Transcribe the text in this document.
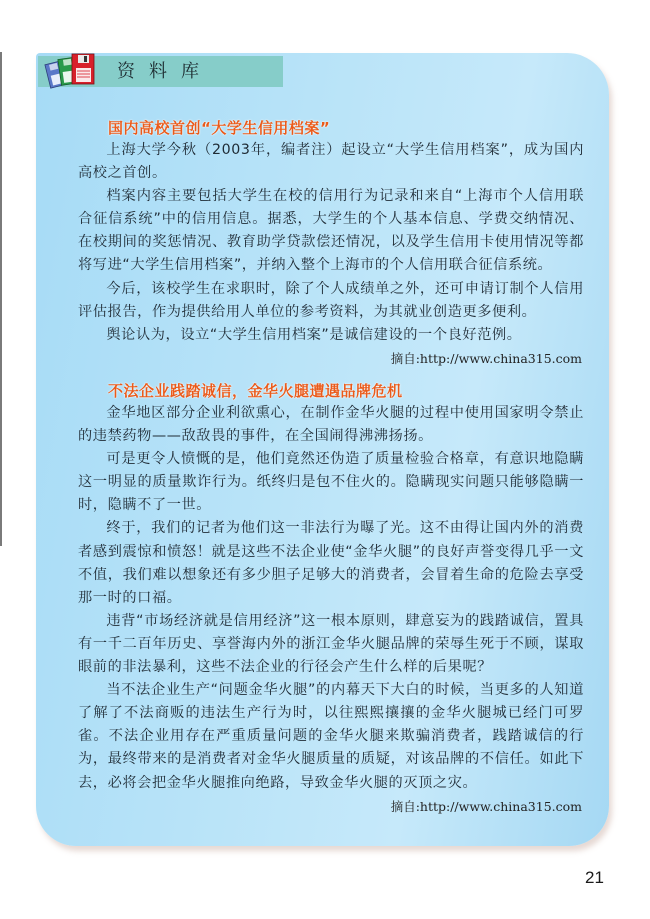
资料库
国内高校首创“大学生信用档案”

上海大学今秋（2003年，编者注）起设立“大学生信用档案”，成为国内高校之首创。

档案内容主要包括大学生在校的信用行为记录和来自“上海市个人信用联合征信系统”中的信用信息。据悉，大学生的个人基本信息、学费交纳情况、在校期间的奖惩情况、教育助学贷款偿还情况，以及学生信用卡使用情况等都将写进“大学生信用档案”，并纳入整个上海市的个人信用联合征信系统。

今后，该校学生在求职时，除了个人成绩单之外，还可申请订制个人信用评估报告，作为提供给用人单位的参考资料，为其就业创造更多便利。

舆论认为，设立“大学生信用档案”是诚信建设的一个良好范例。

摘自:http://www.china315.com
不法企业践踏诚信，金华火腿遭遇品牌危机

金华地区部分企业利欲熏心，在制作金华火腿的过程中使用国家明令禁止的违禁药物——敌敌畏的事件，在全国闹得沸沸扬扬。

可是更令人愤慨的是，他们竟然还伪造了质量检验合格章，有意识地隐瞒这一明显的质量欺诈行为。纸终归是包不住火的。隐瞒现实问题只能够隐瞒一时，隐瞒不了一世。

终于，我们的记者为他们这一非法行为曝了光。这不由得让国内外的消费者感到震惊和愤怒！就是这些不法企业使“金华火腿”的良好声誉变得几乎一文不值，我们难以想象还有多少胆子足够大的消费者，会冒着生命的危险去享受那一时的口福。

违背“市场经济就是信用经济”这一根本原则，肆意妄为的践踏诚信，置具有一千二百年历史、享誉海内外的浙江金华火腿品牌的荣辱生死于不顾，谋取眼前的非法暴利，这些不法企业的行径会产生什么样的后果呢？

当不法企业生产“问题金华火腿”的内幕天下大白的时候，当更多的人知道了解了不法商贩的违法生产行为时，以往熙熙攘攘的金华火腿城已经门可罗雀。不法企业用存在严重质量问题的金华火腿来欺骗消费者，践踏诚信的行为，最终带来的是消费者对金华火腿质量的质疑，对该品牌的不信任。如此下去，必将会把金华火腿推向绝路，导致金华火腿的灭顶之灾。

摘自:http://www.china315.com
21
